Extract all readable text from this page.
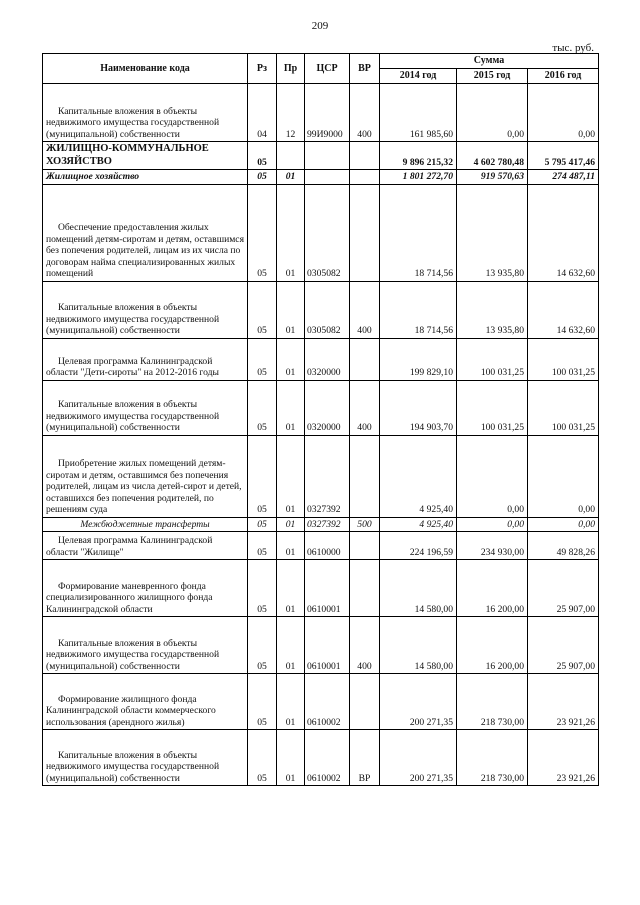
209
тыс. руб.
Наименование кода	Рз	Пр	ЦСР	ВР	Сумма		
					2014 год	2015 год	2016 год
Капитальные вложения в объекты недвижимого имущества государственной (муниципальной) собственности	04	12	99И9000	400	161 985,60	0,00	0,00
ЖИЛИЩНО-КОММУНАЛЬНОЕ ХОЗЯЙСТВО	05				9 896 215,32	4 602 780,48	5 795 417,46
Жилищное хозяйство	05	01			1 801 272,70	919 570,63	274 487,11
Обеспечение предоставления жилых помещений детям-сиротам и детям, оставшимся без попечения родителей, лицам из их числа по договорам найма специализированных жилых помещений	05	01	0305082		18 714,56	13 935,80	14 632,60
Капитальные вложения в объекты недвижимого имущества государственной (муниципальной) собственности	05	01	0305082	400	18 714,56	13 935,80	14 632,60
Целевая программа Калининградской области "Дети-сироты" на 2012-2016 годы	05	01	0320000		199 829,10	100 031,25	100 031,25
Капитальные вложения в объекты недвижимого имущества государственной (муниципальной) собственности	05	01	0320000	400	194 903,70	100 031,25	100 031,25
Приобретение жилых помещений детям-сиротам и детям, оставшимся без попечения родителей, лицам из числа детей-сирот и детей, оставшихся без попечения родителей, по решениям суда	05	01	0327392		4 925,40	0,00	0,00
Межбюджетные трансферты	05	01	0327392	500	4 925,40	0,00	0,00
Целевая программа Калининградской области "Жилище"	05	01	0610000		224 196,59	234 930,00	49 828,26
Формирование маневренного фонда специализированного жилищного фонда Калининградской области	05	01	0610001		14 580,00	16 200,00	25 907,00
Капитальные вложения в объекты недвижимого имущества государственной (муниципальной) собственности	05	01	0610001	400	14 580,00	16 200,00	25 907,00
Формирование жилищного фонда Калининградской области коммерческого использования (арендного жилья)	05	01	0610002		200 271,35	218 730,00	23 921,26
Капитальные вложения в объекты недвижимого имущества государственной (муниципальной) собственности	05	01	0610002	ВР	200 271,35	218 730,00	23 921,26
